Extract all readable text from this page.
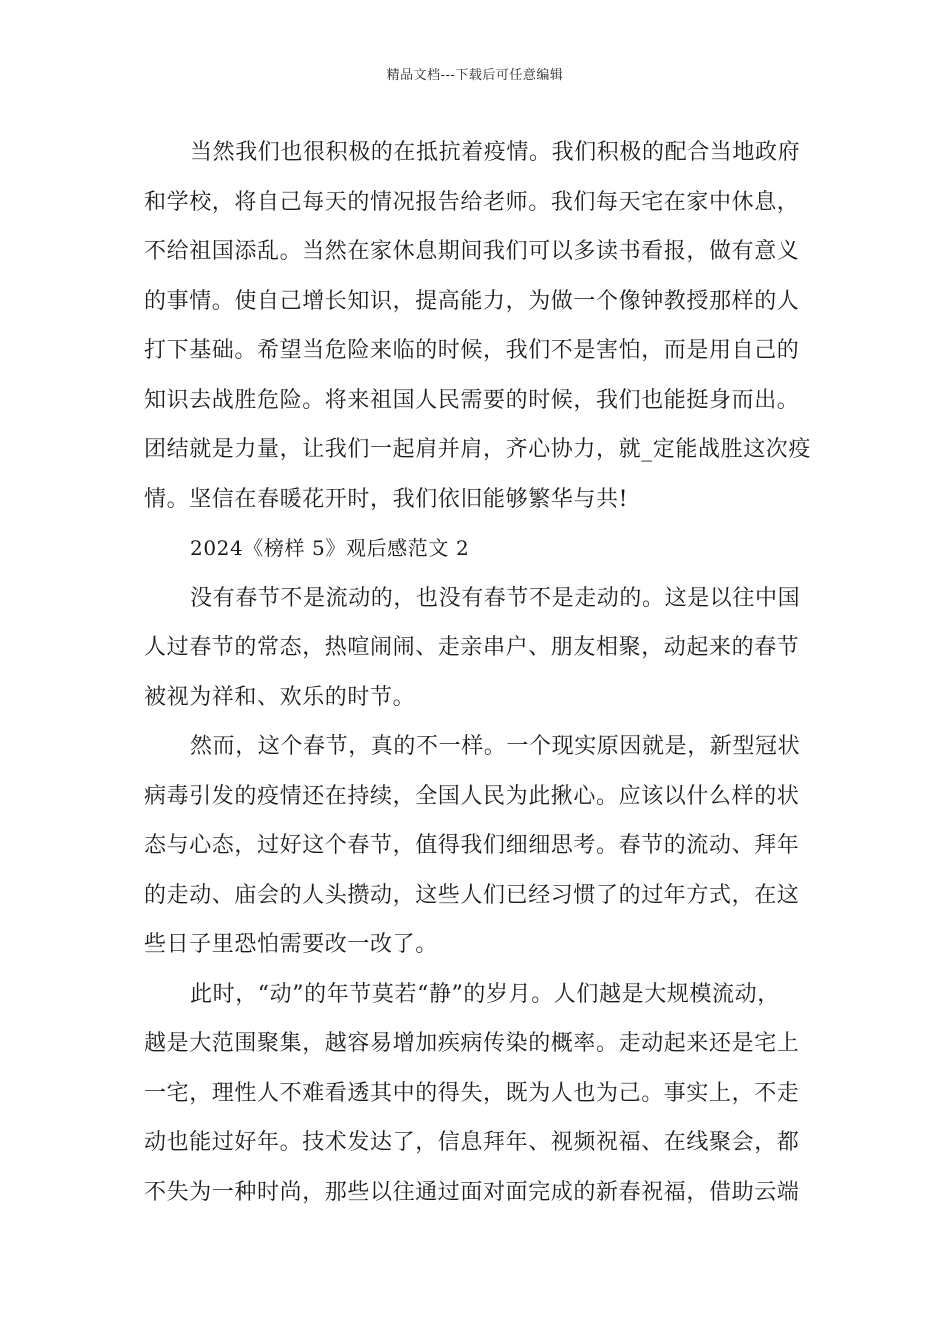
精品文档---下载后可任意编辑
当然我们也很积极的在抵抗着疫情。我们积极的配合当地政府
和学校，将自己每天的情况报告给老师。我们每天宅在家中休息，
不给祖国添乱。当然在家休息期间我们可以多读书看报，做有意义
的事情。使自己增长知识，提高能力，为做一个像钟教授那样的人
打下基础。希望当危险来临的时候，我们不是害怕，而是用自己的
知识去战胜危险。将来祖国人民需要的时候，我们也能挺身而出。
团结就是力量，让我们一起肩并肩，齐心协力，就_定能战胜这次疫
情。坚信在春暖花开时，我们依旧能够繁华与共!
2024《榜样 5》观后感范文 2
没有春节不是流动的，也没有春节不是走动的。这是以往中国
人过春节的常态，热喧闹闹、走亲串户、朋友相聚，动起来的春节
被视为祥和、欢乐的时节。
然而，这个春节，真的不一样。一个现实原因就是，新型冠状
病毒引发的疫情还在持续，全国人民为此揪心。应该以什么样的状
态与心态，过好这个春节，值得我们细细思考。春节的流动、拜年
的走动、庙会的人头攒动，这些人们已经习惯了的过年方式，在这
些日子里恐怕需要改一改了。
此时，“动”的年节莫若“静”的岁月。人们越是大规模流动，
越是大范围聚集，越容易增加疾病传染的概率。走动起来还是宅上
一宅，理性人不难看透其中的得失，既为人也为己。事实上，不走
动也能过好年。技术发达了，信息拜年、视频祝福、在线聚会，都
不失为一种时尚，那些以往通过面对面完成的新春祝福，借助云端
